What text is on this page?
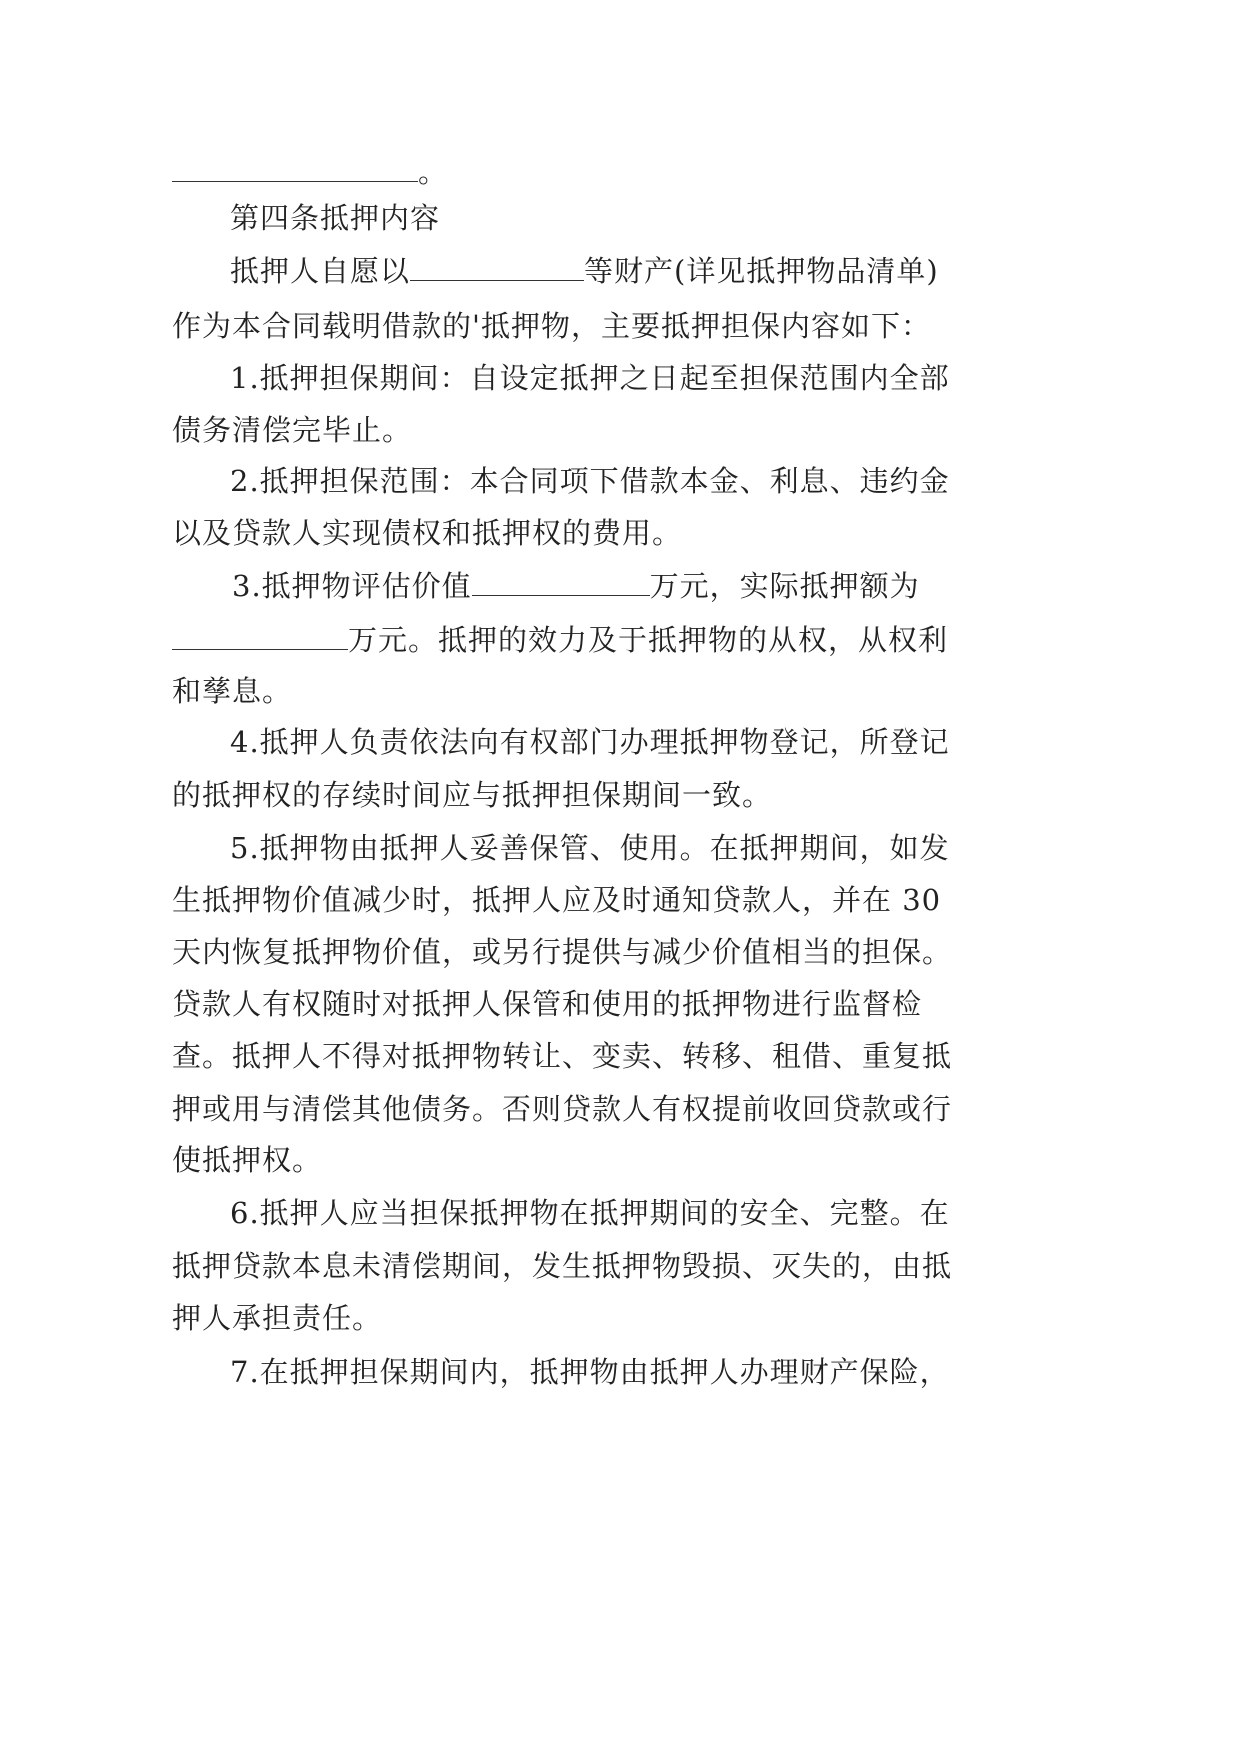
。
第四条抵押内容
抵押人自愿以	等财产(详见抵押物品清单)
作为本合同载明借款的'抵押物，主要抵押担保内容如下：
1.抵押担保期间：自设定抵押之日起至担保范围内全部
债务清偿完毕止。
2.抵押担保范围：本合同项下借款本金、利息、违约金
以及贷款人实现债权和抵押权的费用。
3.抵押物评估价值	万元，实际抵押额为
万元。抵押的效力及于抵押物的从权，从权利
和孳息。
4.抵押人负责依法向有权部门办理抵押物登记，所登记
的抵押权的存续时间应与抵押担保期间一致。
5.抵押物由抵押人妥善保管、使用。在抵押期间，如发
生抵押物价值减少时，抵押人应及时通知贷款人，并在 30
天内恢复抵押物价值，或另行提供与减少价值相当的担保。
贷款人有权随时对抵押人保管和使用的抵押物进行监督检
查。抵押人不得对抵押物转让、变卖、转移、租借、重复抵
押或用与清偿其他债务。否则贷款人有权提前收回贷款或行
使抵押权。
6.抵押人应当担保抵押物在抵押期间的安全、完整。在
抵押贷款本息未清偿期间，发生抵押物毁损、灭失的，由抵
押人承担责任。
7.在抵押担保期间内，抵押物由抵押人办理财产保险，
